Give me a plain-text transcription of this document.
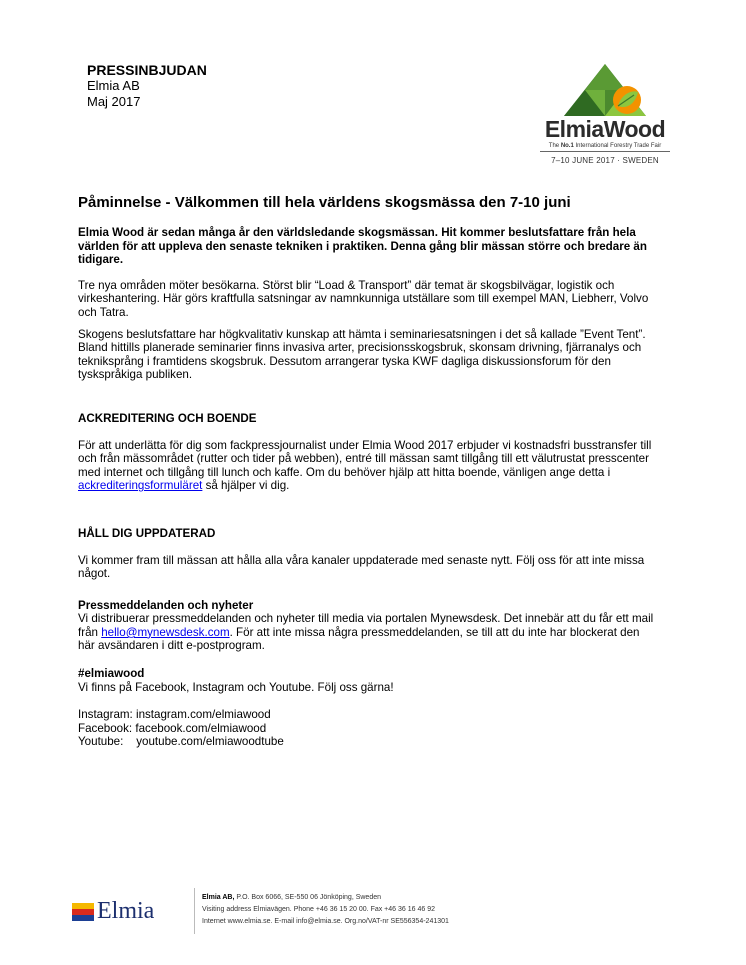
PRESSINBJUDAN
Elmia AB
Maj 2017
ElmiaWood
The No.1 International Forestry Trade Fair
7–10 JUNE 2017 · SWEDEN
Påminnelse - Välkommen till hela världens skogsmässa den 7-10 juni

Elmia Wood är sedan många år den världsledande skogsmässan. Hit kommer beslutsfattare från hela världen för att uppleva den senaste tekniken i praktiken. Denna gång blir mässan större och bredare än tidigare.

Tre nya områden möter besökarna. Störst blir “Load & Transport” där temat är skogsbilvägar, logistik och virkeshantering. Här görs kraftfulla satsningar av namnkunniga utställare som till exempel MAN, Liebherr, Volvo och Tatra.

Skogens beslutsfattare har högkvalitativ kunskap att hämta i seminariesatsningen i det så kallade ”Event Tent”. Bland hittills planerade seminarier finns invasiva arter, precisionsskogsbruk, skonsam drivning, fjärranalys och tekniksprång i framtidens skogsbruk. Dessutom arrangerar tyska KWF dagliga diskussionsforum för den tyskspråkiga publiken.

ACKREDITERING OCH BOENDE

För att underlätta för dig som fackpressjournalist under Elmia Wood 2017 erbjuder vi kostnadsfri busstransfer till och från mässområdet (rutter och tider på webben), entré till mässan samt tillgång till ett välutrustat presscenter med internet och tillgång till lunch och kaffe. Om du behöver hjälp att hitta boende, vänligen ange detta i ackrediteringsformuläret så hjälper vi dig.

HÅLL DIG UPPDATERAD

Vi kommer fram till mässan att hålla alla våra kanaler uppdaterade med senaste nytt. Följ oss för att inte missa något.

Pressmeddelanden och nyheter

Vi distribuerar pressmeddelanden och nyheter till media via portalen Mynewsdesk. Det innebär att du får ett mail från hello@mynewsdesk.com. För att inte missa några pressmeddelanden, se till att du inte har blockerat den här avsändaren i ditt e-postprogram.

#elmiawood

Vi finns på Facebook, Instagram och Youtube. Följ oss gärna!

Instagram: instagram.com/elmiawood
Facebook: facebook.com/elmiawood
Youtube:    youtube.com/elmiawoodtube
Elmia
Elmia AB, P.O. Box 6066, SE-550 06 Jönköping, Sweden
Visiting address Elmiavägen. Phone +46 36 15 20 00. Fax +46 36 16 46 92
Internet www.elmia.se. E-mail info@elmia.se. Org.no/VAT-nr SE556354-241301
